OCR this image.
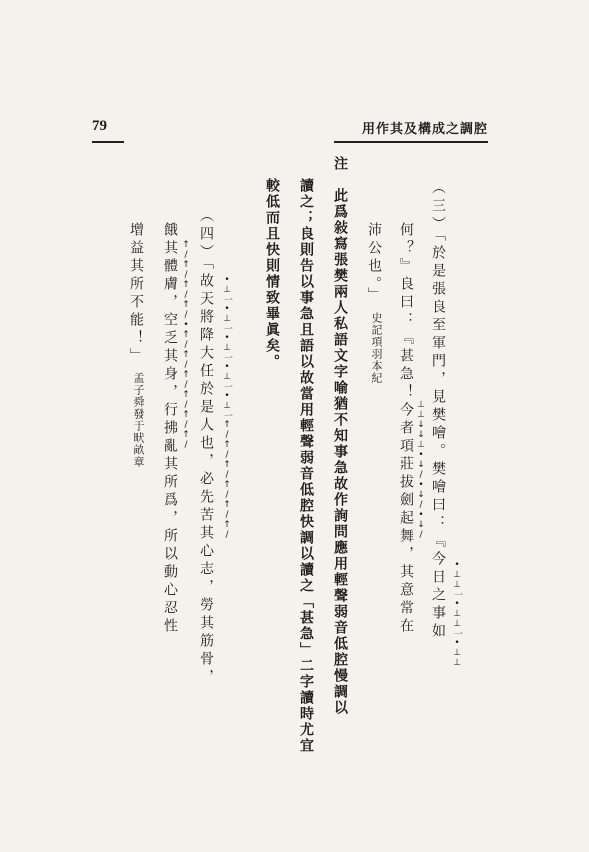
79	用作其及構成之調腔
•⊥⊥一•⊥⊥一•⊥⊥
（三）「於是張良至軍門，見樊噲。樊噲曰：『今日之事如
⊥⊥↓↓⊥•↓/•↓/•↓/
何？』良曰：『甚急！今者項莊拔劍起舞，其意常在
沛公也。」
史記項羽本紀
注　此爲敍寫張樊兩人私語文字喻猶不知事急故作詢問應用輕聲弱音低腔慢調以
讀之；良則告以事急且語以故當用輕聲弱音低腔快調以讀之「甚急」二字讀時尤宜
較低而且快則情致畢眞矣。
•⊥一•⊥一•⊥一•⊥一•⊥一↑/↑/↑/↑/↑/↑/
（四）「故天將降大任於是人也，必先苦其心志，勞其筋骨，
↑/↑/↑/↑/•↑/↑/↑/↑/↑/↑/
餓其體膚，空乏其身，行拂亂其所爲，所以動心忍性
增益其所不能！」
孟子舜發于畎畝章
